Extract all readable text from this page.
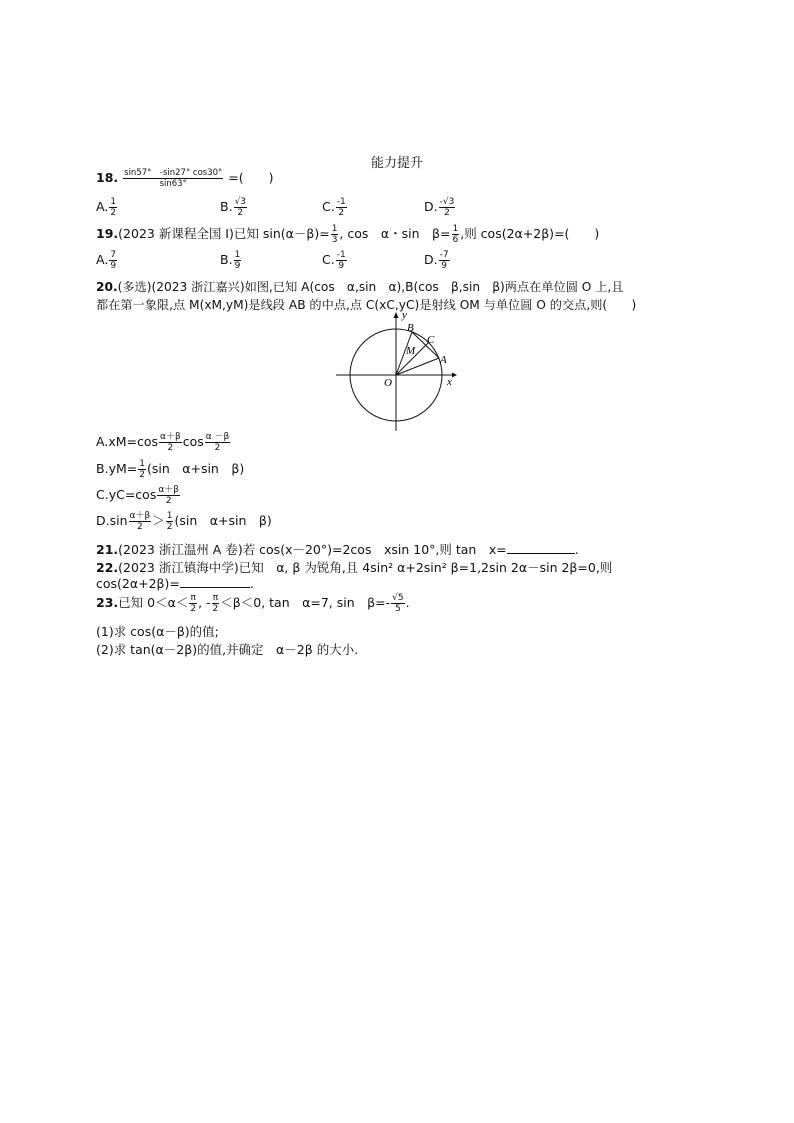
能力提升
18. $\frac{\sin 57^\circ -\sin 27^\circ \cos 30^\circ}{\sin 63^\circ}$ =(　　)
A. $\frac{1}{2}$	B. $\frac{√3}{2}$	C. $\frac{-1}{2}$	D. $\frac{-√3}{2}$
19.(2023 新课程全国 Ⅰ)已知 $\sin(\alpha-\beta)= \frac{1}{3}$ , cos　α・sin　$\beta= \frac{1}{6}$ ,则 cos(2α+2β)=(　　)
A. $\frac{7}{9}$	B. $\frac{1}{9}$	C. $\frac{-1}{9}$	D. $\frac{-7}{9}$
20.(多选)(2023 浙江嘉兴)如图,已知 A(cos　α,sin　α),B(cos　β,sin　β)两点在单位圆 O 上,且
都在第一象限,点 M(xM,yM)是线段 AB 的中点,点 C(xC,yC)是射线 OM 与单位圆 O 的交点,则(　　)
y
x
O
A
B
C
M
$A.xM=\cos \frac{\alpha+\beta}{2}$ $\cos \frac{\alpha -\beta}{2}$
$B.yM= \frac{1}{2} (\sin$　α+sin　β)
$C.yC=\cos \frac{\alpha+\beta}{2}$
$D.\sin \frac{\alpha+\beta}{2} > \frac{1}{2} (\sin$　α+sin　β)
21.(2023 浙江温州 A 卷)若 cos(x－20°)=2cos　xsin 10°,则 tan　x=	.
22.(2023 浙江镇海中学)已知　α, β 为锐角,且 4sin² α+2sin² β=1,2sin 2α－sin 2β=0,则
cos(2α+2β)=	.
23.已知 $0<\alpha< \frac{\pi}{2}$ , - $\frac{\pi}{2} <\beta<0$, tan　α=7, sin　$\beta=- \frac{√5}{5}$ .
(1)求 cos(α－β)的值;
(2)求 tan(α－2β)的值,并确定　α－2β 的大小.
